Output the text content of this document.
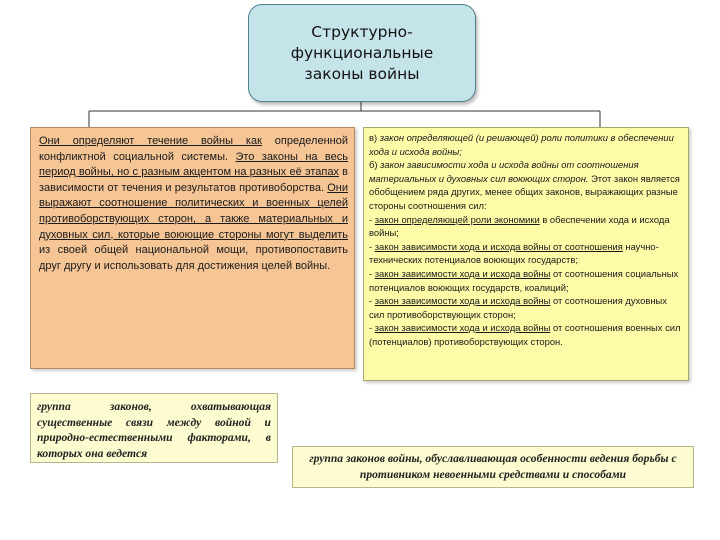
Структурно-
функциональные
законы войны

Они определяют течение войны как определенной конфликтной социальной системы. Это законы на весь период войны, но с разным акцентом на разных её этапах в зависимости от течения и результатов противоборства. Они выражают соотношение политических и военных целей противоборствующих сторон, а также материальных и духовных сил, которые воюющие стороны могут выделить из своей общей национальной мощи, противопоставить друг другу и использовать для достижения целей войны.

в) закон определяющей (и решающей) роли политики в обеспечении хода и исхода войны;
б) закон зависимости хода и исхода войны от соотношения материальных и духовных сил воюющих сторон. Этот закон является обобщением ряда других, менее общих законов, выражающих разные стороны соотношения сил:
- закон определяющей роли экономики в обеспечении хода и исхода войны;
- закон зависимости хода и исхода войны от соотношения научно-технических потенциалов воюющих государств;
- закон зависимости хода и исхода войны от соотношения социальных потенциалов воюющих государств, коалиций;
- закон зависимости хода и исхода войны от соотношения духовных сил противоборствующих сторон;
- закон зависимости хода и исхода войны от соотношения военных сил (потенциалов) противоборствующих сторон.
группа законов, охватывающая существенные связи между войной и природно-естественными факторами, в которых она ведется	группа законов войны, обуславливающая особенности ведения борьбы с противником невоенными средствами и способами
